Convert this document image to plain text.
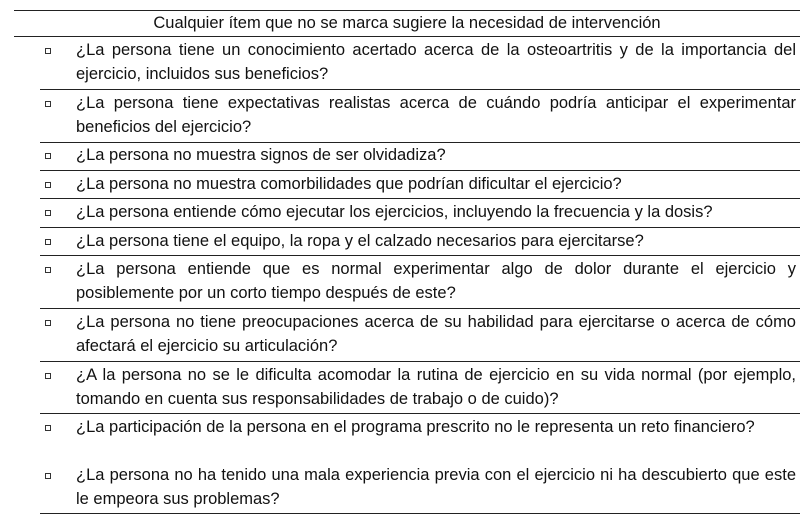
Cualquier ítem que no se marca sugiere la necesidad de intervención
¿La persona tiene un conocimiento acertado acerca de la osteoartritis y de la importancia del ejercicio, incluidos sus beneficios?
¿La persona tiene expectativas realistas acerca de cuándo podría anticipar el experimentar beneficios del ejercicio?
¿La persona no muestra signos de ser olvidadiza?
¿La persona no muestra comorbilidades que podrían dificultar el ejercicio?
¿La persona entiende cómo ejecutar los ejercicios, incluyendo la frecuencia y la dosis?
¿La persona tiene el equipo, la ropa y el calzado necesarios para ejercitarse?
¿La persona entiende que es normal experimentar algo de dolor durante el ejercicio y posiblemente por un corto tiempo después de este?
¿La persona no tiene preocupaciones acerca de su habilidad para ejercitarse o acerca de cómo afectará el ejercicio su articulación?
¿A la persona no se le dificulta acomodar la rutina de ejercicio en su vida normal (por ejemplo, tomando en cuenta sus responsabilidades de trabajo o de cuido)?
¿La participación de la persona en el programa prescrito no le representa un reto financiero?
¿La persona no ha tenido una mala experiencia previa con el ejercicio ni ha descubierto que este le empeora sus problemas?
